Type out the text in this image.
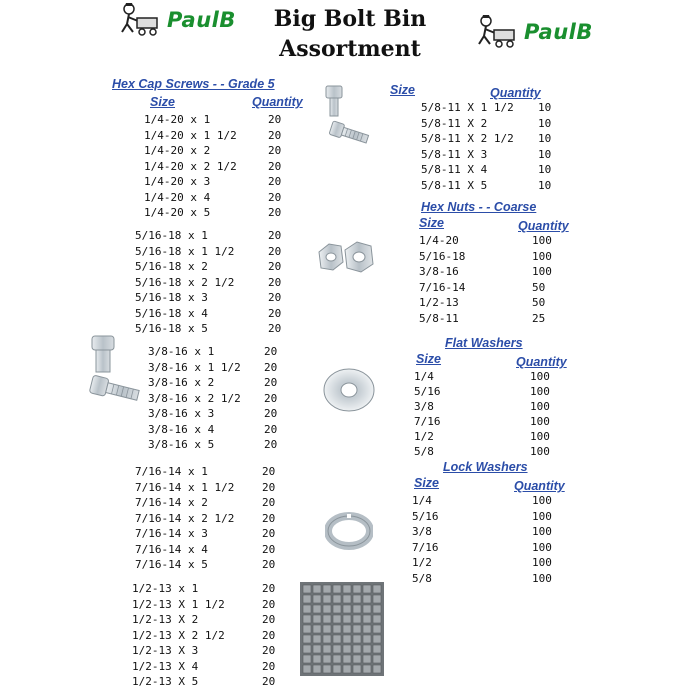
Big Bolt Bin
Assortment
PaulB	PaulB
Hex Cap Screws - - Grade 5
Size	Quantity
1/4-20 x 1	20
1/4-20 x 1 1/2	20
1/4-20 x 2	20
1/4-20 x 2 1/2	20
1/4-20 x 3	20
1/4-20 x 4	20
1/4-20 x 5	20
5/16-18 x 1	20
5/16-18 x 1 1/2	20
5/16-18 x 2	20
5/16-18 x 2 1/2	20
5/16-18 x 3	20
5/16-18 x 4	20
5/16-18 x 5	20
3/8-16 x 1	20
3/8-16 x 1 1/2 20
3/8-16 x 2	20
3/8-16 x 2 1/2 20
3/8-16 x 3	20
3/8-16 x 4	20
3/8-16 x 5	20
7/16-14 x 1	20
7/16-14 x 1 1/2	20
7/16-14 x 2	20
7/16-14 x 2 1/2	20
7/16-14 x 3	20
7/16-14 x 4	20
7/16-14 x 5	20
1/2-13 x 1	20
1/2-13 X 1 1/2	20
1/2-13 X 2	20
1/2-13 X 2 1/2	20
1/2-13 X 3	20
1/2-13 X 4	20
1/2-13 X 5	20
Size	Quantity
5/8-11 X 1 1/2 10
5/8-11 X 2	10
5/8-11 X 2 1/2 10
5/8-11 X 3	10
5/8-11 X 4	10
5/8-11 X 5	10
Hex Nuts - - Coarse
Size	Quantity
1/4-20	100
5/16-18	100
3/8-16	100
7/16-14	50
1/2-13	50
5/8-11	25
Flat Washers
Size	Quantity
1/4	100
5/16	100
3/8	100
7/16	100
1/2	100
5/8	100
Lock Washers
Size	Quantity
1/4	100
5/16	100
3/8	100
7/16	100
1/2	100
5/8	100
